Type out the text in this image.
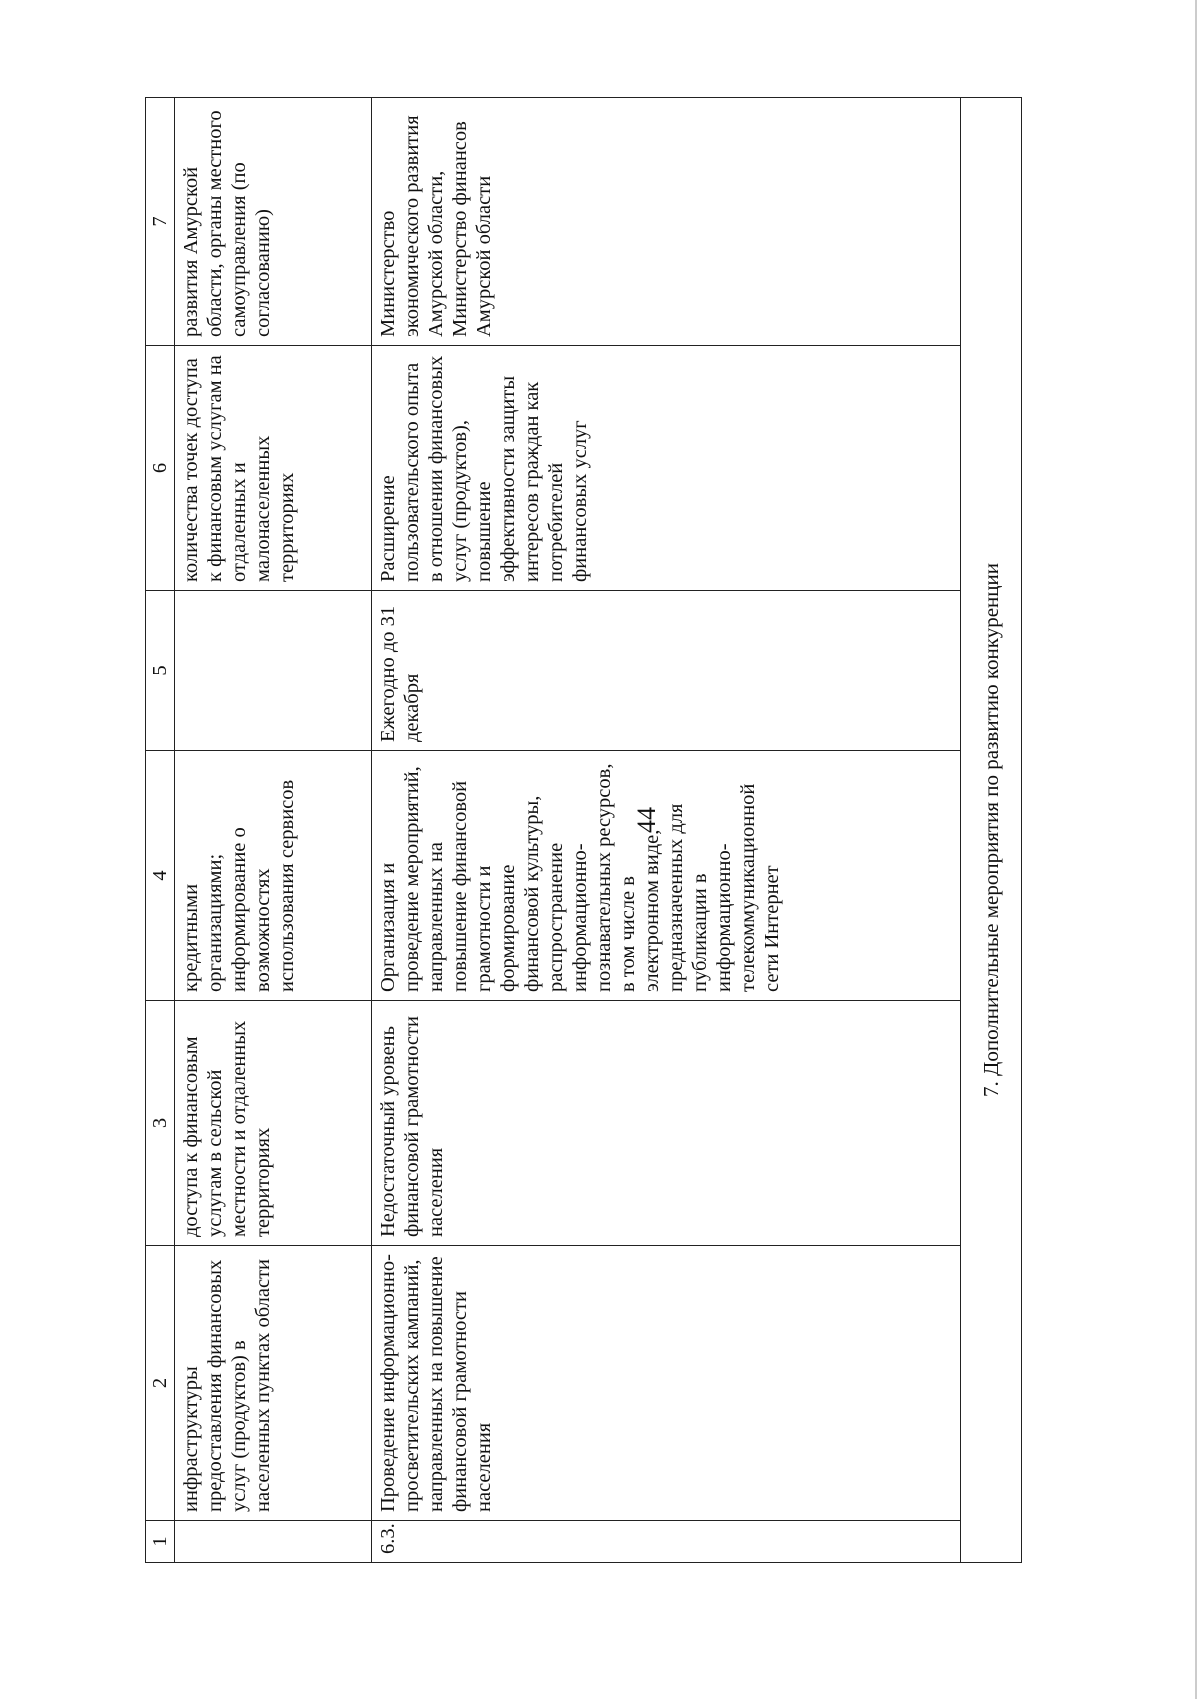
44
1	2	3	4	5	6	7
	инфраструктуры предоставления финансовых услуг (продуктов) в населенных пунктах области	доступа к финансовым услугам в сельской местности и отдаленных территориях	кредитными организациями; информирование о возможностях использования сервисов		количества точек доступа к финансовым услугам на отдаленных и малонаселенных территориях	развития Амурской области, органы местного самоуправления (по согласованию)
6.3.	Проведение информационно-просветительских кампаний, направленных на повышение финансовой грамотности населения	Недостаточный уровень финансовой грамотности населения	Организация и проведение мероприятий, направленных на повышение финансовой грамотности и формирование финансовой культуры, распространение информационно-познавательных ресурсов, в том числе в электронном виде, предназначенных для публикации в информационно-телекоммуникационной сети Интернет	Ежегодно до 31 декабря	Расширение пользовательского опыта в отношении финансовых услуг (продуктов), повышение эффективности защиты интересов граждан как потребителей финансовых услуг	Министерство экономического развития Амурской области, Министерство финансов Амурской области
7. Дополнительные мероприятия по развитию конкуренции						
